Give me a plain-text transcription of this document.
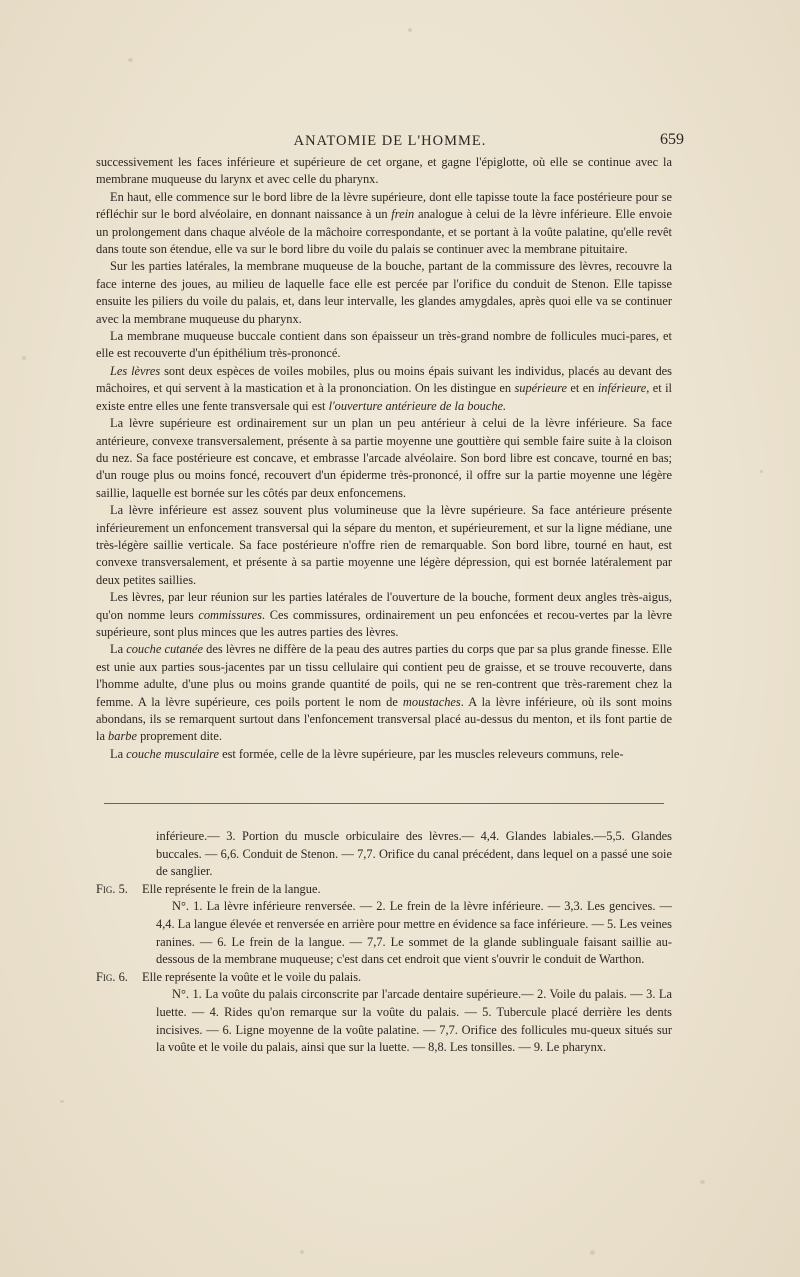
ANATOMIE DE L'HOMME.	659

successivement les faces inférieure et supérieure de cet organe, et gagne l'épiglotte, où elle se continue avec la membrane muqueuse du larynx et avec celle du pharynx.

En haut, elle commence sur le bord libre de la lèvre supérieure, dont elle tapisse toute la face postérieure pour se réfléchir sur le bord alvéolaire, en donnant naissance à un frein analogue à celui de la lèvre inférieure. Elle envoie un prolongement dans chaque alvéole de la mâchoire correspondante, et se portant à la voûte palatine, qu'elle revêt dans toute son étendue, elle va sur le bord libre du voile du palais se continuer avec la membrane pituitaire.

Sur les parties latérales, la membrane muqueuse de la bouche, partant de la commissure des lèvres, recouvre la face interne des joues, au milieu de laquelle face elle est percée par l'orifice du conduit de Stenon. Elle tapisse ensuite les piliers du voile du palais, et, dans leur intervalle, les glandes amygdales, après quoi elle va se continuer avec la membrane muqueuse du pharynx.

La membrane muqueuse buccale contient dans son épaisseur un très-grand nombre de follicules muci-pares, et elle est recouverte d'un épithélium très-prononcé.

Les lèvres sont deux espèces de voiles mobiles, plus ou moins épais suivant les individus, placés au devant des mâchoires, et qui servent à la mastication et à la prononciation. On les distingue en supérieure et en inférieure, et il existe entre elles une fente transversale qui est l'ouverture antérieure de la bouche.

La lèvre supérieure est ordinairement sur un plan un peu antérieur à celui de la lèvre inférieure. Sa face antérieure, convexe transversalement, présente à sa partie moyenne une gouttière qui semble faire suite à la cloison du nez. Sa face postérieure est concave, et embrasse l'arcade alvéolaire. Son bord libre est concave, tourné en bas; d'un rouge plus ou moins foncé, recouvert d'un épiderme très-prononcé, il offre sur la partie moyenne une légère saillie, laquelle est bornée sur les côtés par deux enfoncemens.

La lèvre inférieure est assez souvent plus volumineuse que la lèvre supérieure. Sa face antérieure présente inférieurement un enfoncement transversal qui la sépare du menton, et supérieurement, et sur la ligne médiane, une très-légère saillie verticale. Sa face postérieure n'offre rien de remarquable. Son bord libre, tourné en haut, est convexe transversalement, et présente à sa partie moyenne une légère dépression, qui est bornée latéralement par deux petites saillies.

Les lèvres, par leur réunion sur les parties latérales de l'ouverture de la bouche, forment deux angles très-aigus, qu'on nomme leurs commissures. Ces commissures, ordinairement un peu enfoncées et recou-vertes par la lèvre supérieure, sont plus minces que les autres parties des lèvres.

La couche cutanée des lèvres ne diffère de la peau des autres parties du corps que par sa plus grande finesse. Elle est unie aux parties sous-jacentes par un tissu cellulaire qui contient peu de graisse, et se trouve recouverte, dans l'homme adulte, d'une plus ou moins grande quantité de poils, qui ne se ren-contrent que très-rarement chez la femme. A la lèvre supérieure, ces poils portent le nom de moustaches. A la lèvre inférieure, où ils sont moins abondans, ils se remarquent surtout dans l'enfoncement transversal placé au-dessus du menton, et ils font partie de la barbe proprement dite.

La couche musculaire est formée, celle de la lèvre supérieure, par les muscles releveurs communs, rele-

inférieure.— 3. Portion du muscle orbiculaire des lèvres.— 4,4. Glandes labiales.—5,5. Glandes buccales. — 6,6. Conduit de Stenon. — 7,7. Orifice du canal précédent, dans lequel on a passé une soie de sanglier.

Fig. 5.	Elle représente le frein de la langue.

N°. 1. La lèvre inférieure renversée. — 2. Le frein de la lèvre inférieure. — 3,3. Les gencives. — 4,4. La langue élevée et renversée en arrière pour mettre en évidence sa face inférieure. — 5. Les veines ranines. — 6. Le frein de la langue. — 7,7. Le sommet de la glande sublinguale faisant saillie au-dessous de la membrane muqueuse; c'est dans cet endroit que vient s'ouvrir le conduit de Warthon.

Fig. 6.	Elle représente la voûte et le voile du palais.

N°. 1. La voûte du palais circonscrite par l'arcade dentaire supérieure.— 2. Voile du palais. — 3. La luette. — 4. Rides qu'on remarque sur la voûte du palais. — 5. Tubercule placé derrière les dents incisives. — 6. Ligne moyenne de la voûte palatine. — 7,7. Orifice des follicules mu-queux situés sur la voûte et le voile du palais, ainsi que sur la luette. — 8,8. Les tonsilles. — 9. Le pharynx.
